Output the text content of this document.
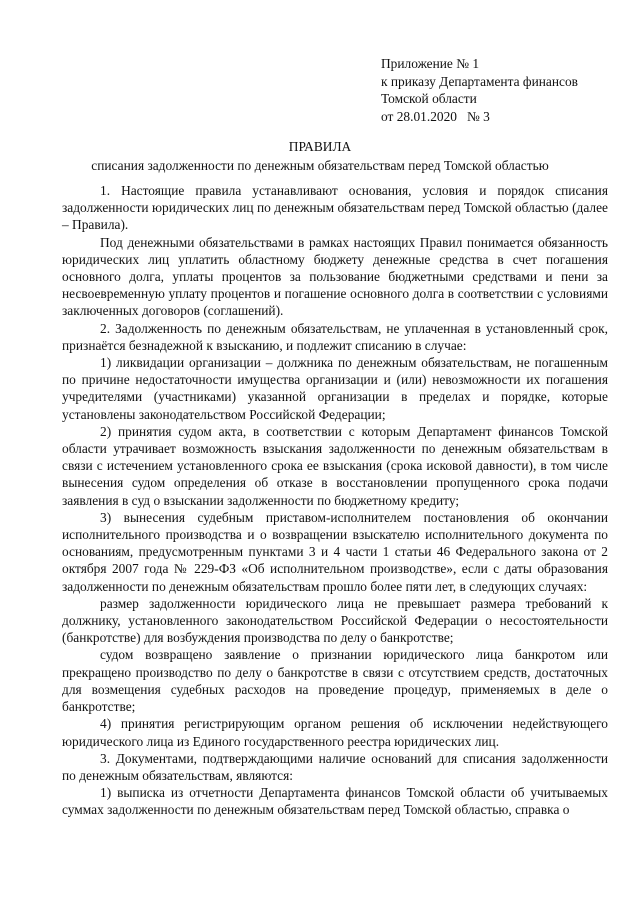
Приложение № 1
к приказу Департамента финансов
Томской области
от 28.01.2020   № 3
ПРАВИЛА
списания задолженности по денежным обязательствам перед Томской областью

1. Настоящие правила устанавливают основания, условия и порядок списания задолженности юридических лиц по денежным обязательствам перед Томской областью (далее – Правила).

Под денежными обязательствами в рамках настоящих Правил понимается обязанность юридических лиц уплатить областному бюджету денежные средства в счет погашения основного долга, уплаты процентов за пользование бюджетными средствами и пени за несвоевременную уплату процентов и погашение основного долга в соответствии с условиями заключенных договоров (соглашений).

2. Задолженность по денежным обязательствам, не уплаченная в установленный срок, признаётся безнадежной к взысканию, и подлежит списанию в случае:

1) ликвидации организации – должника по денежным обязательствам, не погашенным по причине недостаточности имущества организации и (или) невозможности их погашения учредителями (участниками) указанной организации в пределах и порядке, которые установлены законодательством Российской Федерации;

2) принятия судом акта, в соответствии с которым Департамент финансов Томской области утрачивает возможность взыскания задолженности по денежным обязательствам в связи с истечением установленного срока ее взыскания (срока исковой давности), в том числе вынесения судом определения об отказе в восстановлении пропущенного срока подачи заявления в суд о взыскании задолженности по бюджетному кредиту;

3) вынесения судебным приставом-исполнителем постановления об окончании исполнительного производства и о возвращении взыскателю исполнительного документа по основаниям, предусмотренным пунктами 3 и 4 части 1 статьи 46 Федерального закона от 2 октября 2007 года № 229-ФЗ «Об исполнительном производстве», если с даты образования задолженности по денежным обязательствам прошло более пяти лет, в следующих случаях:

размер задолженности юридического лица не превышает размера требований к должнику, установленного законодательством Российской Федерации о несостоятельности (банкротстве) для возбуждения производства по делу о банкротстве;

судом возвращено заявление о признании юридического лица банкротом или прекращено производство по делу о банкротстве в связи с отсутствием средств, достаточных для возмещения судебных расходов на проведение процедур, применяемых в деле о банкротстве;

4) принятия регистрирующим органом решения об исключении недействующего юридического лица из Единого государственного реестра юридических лиц.

3. Документами, подтверждающими наличие оснований для списания задолженности по денежным обязательствам, являются:

1) выписка из отчетности Департамента финансов Томской области об учитываемых суммах задолженности по денежным обязательствам перед Томской областью, справка о
